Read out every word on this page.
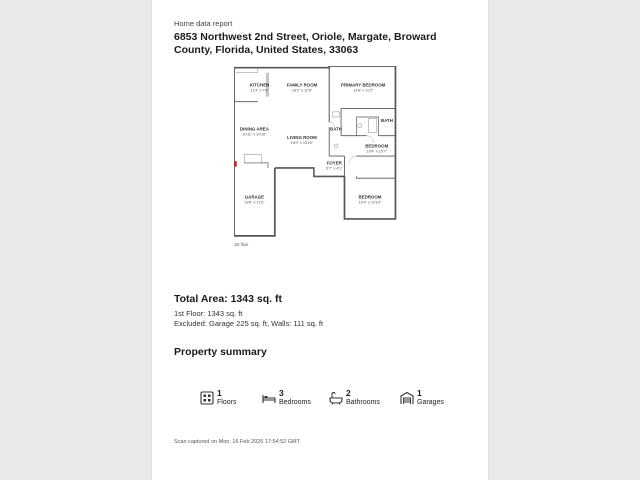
Home data report
6853 Northwest 2nd Street, Oriole, Margate, Broward County, Florida, United States, 33063
KITCHEN
11'3" x 7'8"
FAMILY ROOM
18'2" x 11'8"
PRIMARY BEDROOM
13'8" x 11'2"
DINING AREA
10'11" x 10'10"
LIVING ROOM
15'0" x 15'10"
BATH
BATH
BEDROOM
10'4" x 10'7"
FOYER
5'7" x 4'1"
GARAGE
19'6" x 11'6"
BEDROOM
10'4" x 10'10"
1st floor
Total Area: 1343 sq. ft
1st Floor: 1343 sq. ft
Excluded: Garage 225 sq. ft, Walls: 111 sq. ft
Property summary
1
Floors
3
Bedrooms
2
Bathrooms
1
Garages
Scan captured on Mon, 16 Feb 2026 17:54:52 GMT
